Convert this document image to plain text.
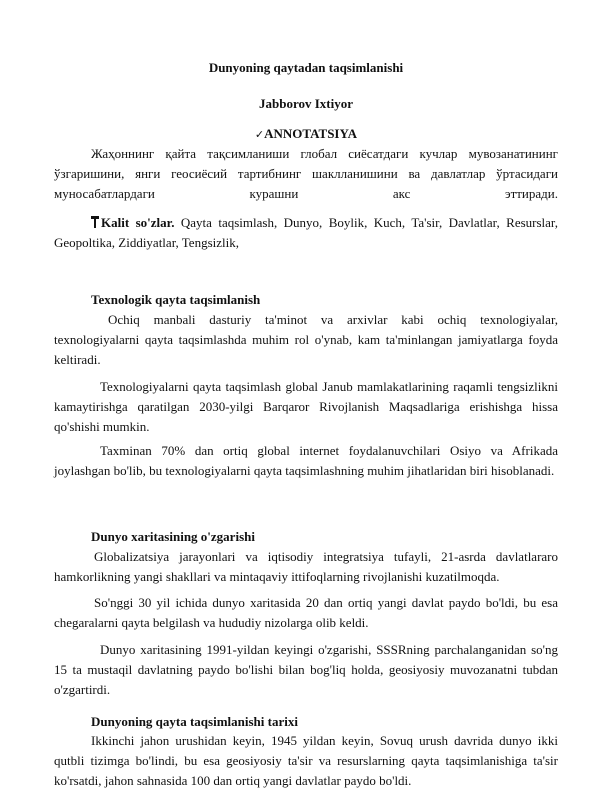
Dunyoning qaytadan taqsimlanishi
Jabborov Ixtiyor
✓ANNOTATSIYA

Жаҳоннинг қайта тақсимланиши глобал сиёсатдаги кучлар мувозанатининг ўзгаришини, янги геосиёсий тартибнинг шаклланишини ва давлатлар ўртасидаги муносабатлардаги курашни акс эттиради.

Kalit so'zlar. Qayta taqsimlash, Dunyo, Boylik, Kuch, Ta'sir, Davlatlar, Resurslar, Geopoltika, Ziddiyatlar, Tengsizlik,

Texnologik qayta taqsimlanish

Ochiq manbali dasturiy ta'minot va arxivlar kabi ochiq texnologiyalar, texnologiyalarni qayta taqsimlashda muhim rol o'ynab, kam ta'minlangan jamiyatlarga foyda keltiradi.

Texnologiyalarni qayta taqsimlash global Janub mamlakatlarining raqamli tengsizlikni kamaytirishga qaratilgan 2030-yilgi Barqaror Rivojlanish Maqsadlariga erishishga hissa qo'shishi mumkin.

Taxminan 70% dan ortiq global internet foydalanuvchilari Osiyo va Afrikada joylashgan bo'lib, bu texnologiyalarni qayta taqsimlashning muhim jihatlaridan biri hisoblanadi.

Dunyo xaritasining o'zgarishi

Globalizatsiya jarayonlari va iqtisodiy integratsiya tufayli, 21-asrda davlatlararo hamkorlikning yangi shakllari va mintaqaviy ittifoqlarning rivojlanishi kuzatilmoqda.

So'nggi 30 yil ichida dunyo xaritasida 20 dan ortiq yangi davlat paydo bo'ldi, bu esa chegaralarni qayta belgilash va hududiy nizolarga olib keldi.

Dunyo xaritasining 1991-yildan keyingi o'zgarishi, SSSRning parchalanganidan so'ng 15 ta mustaqil davlatning paydo bo'lishi bilan bog'liq holda, geosiyosiy muvozanatni tubdan o'zgartirdi.

Dunyoning qayta taqsimlanishi tarixi

Ikkinchi jahon urushidan keyin, 1945 yildan keyin, Sovuq urush davrida dunyo ikki qutbli tizimga bo'lindi, bu esa geosiyosiy ta'sir va resurslarning qayta taqsimlanishiga ta'sir ko'rsatdi, jahon sahnasida 100 dan ortiq yangi davlatlar paydo bo'ldi.
